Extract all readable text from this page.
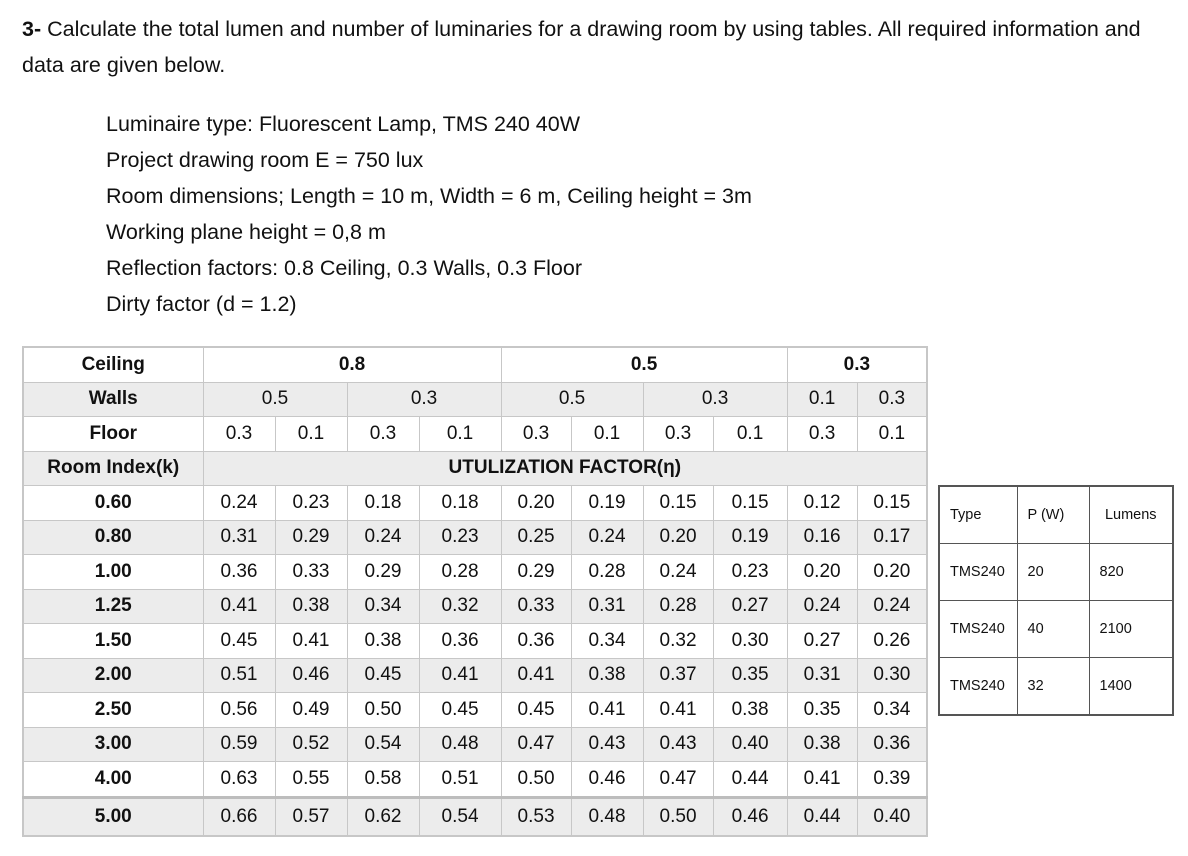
3- Calculate the total lumen and number of luminaries for a drawing room by using tables. All required information and data are given below.
Luminaire type: Fluorescent Lamp, TMS 240 40W
Project drawing room E = 750 lux
Room dimensions; Length = 10 m, Width = 6 m, Ceiling height = 3m
Working plane height = 0,8 m
Reflection factors: 0.8 Ceiling, 0.3 Walls, 0.3 Floor
Dirty factor (d = 1.2)
Ceiling	0.8				0.5				0.3	
Walls	0.5		0.3		0.5		0.3		0.1	0.3
Floor	0.3	0.1	0.3	0.1	0.3	0.1	0.3	0.1	0.3	0.1
Room Index(k)	UTULIZATION FACTOR(η)									
0.60	0.24	0.23	0.18	0.18	0.20	0.19	0.15	0.15	0.12	0.15
0.80	0.31	0.29	0.24	0.23	0.25	0.24	0.20	0.19	0.16	0.17
1.00	0.36	0.33	0.29	0.28	0.29	0.28	0.24	0.23	0.20	0.20
1.25	0.41	0.38	0.34	0.32	0.33	0.31	0.28	0.27	0.24	0.24
1.50	0.45	0.41	0.38	0.36	0.36	0.34	0.32	0.30	0.27	0.26
2.00	0.51	0.46	0.45	0.41	0.41	0.38	0.37	0.35	0.31	0.30
2.50	0.56	0.49	0.50	0.45	0.45	0.41	0.41	0.38	0.35	0.34
3.00	0.59	0.52	0.54	0.48	0.47	0.43	0.43	0.40	0.38	0.36
4.00	0.63	0.55	0.58	0.51	0.50	0.46	0.47	0.44	0.41	0.39
5.00	0.66	0.57	0.62	0.54	0.53	0.48	0.50	0.46	0.44	0.40
Type	P (W)	Lumens
TMS240	20	820
TMS240	40	2100
TMS240	32	1400
